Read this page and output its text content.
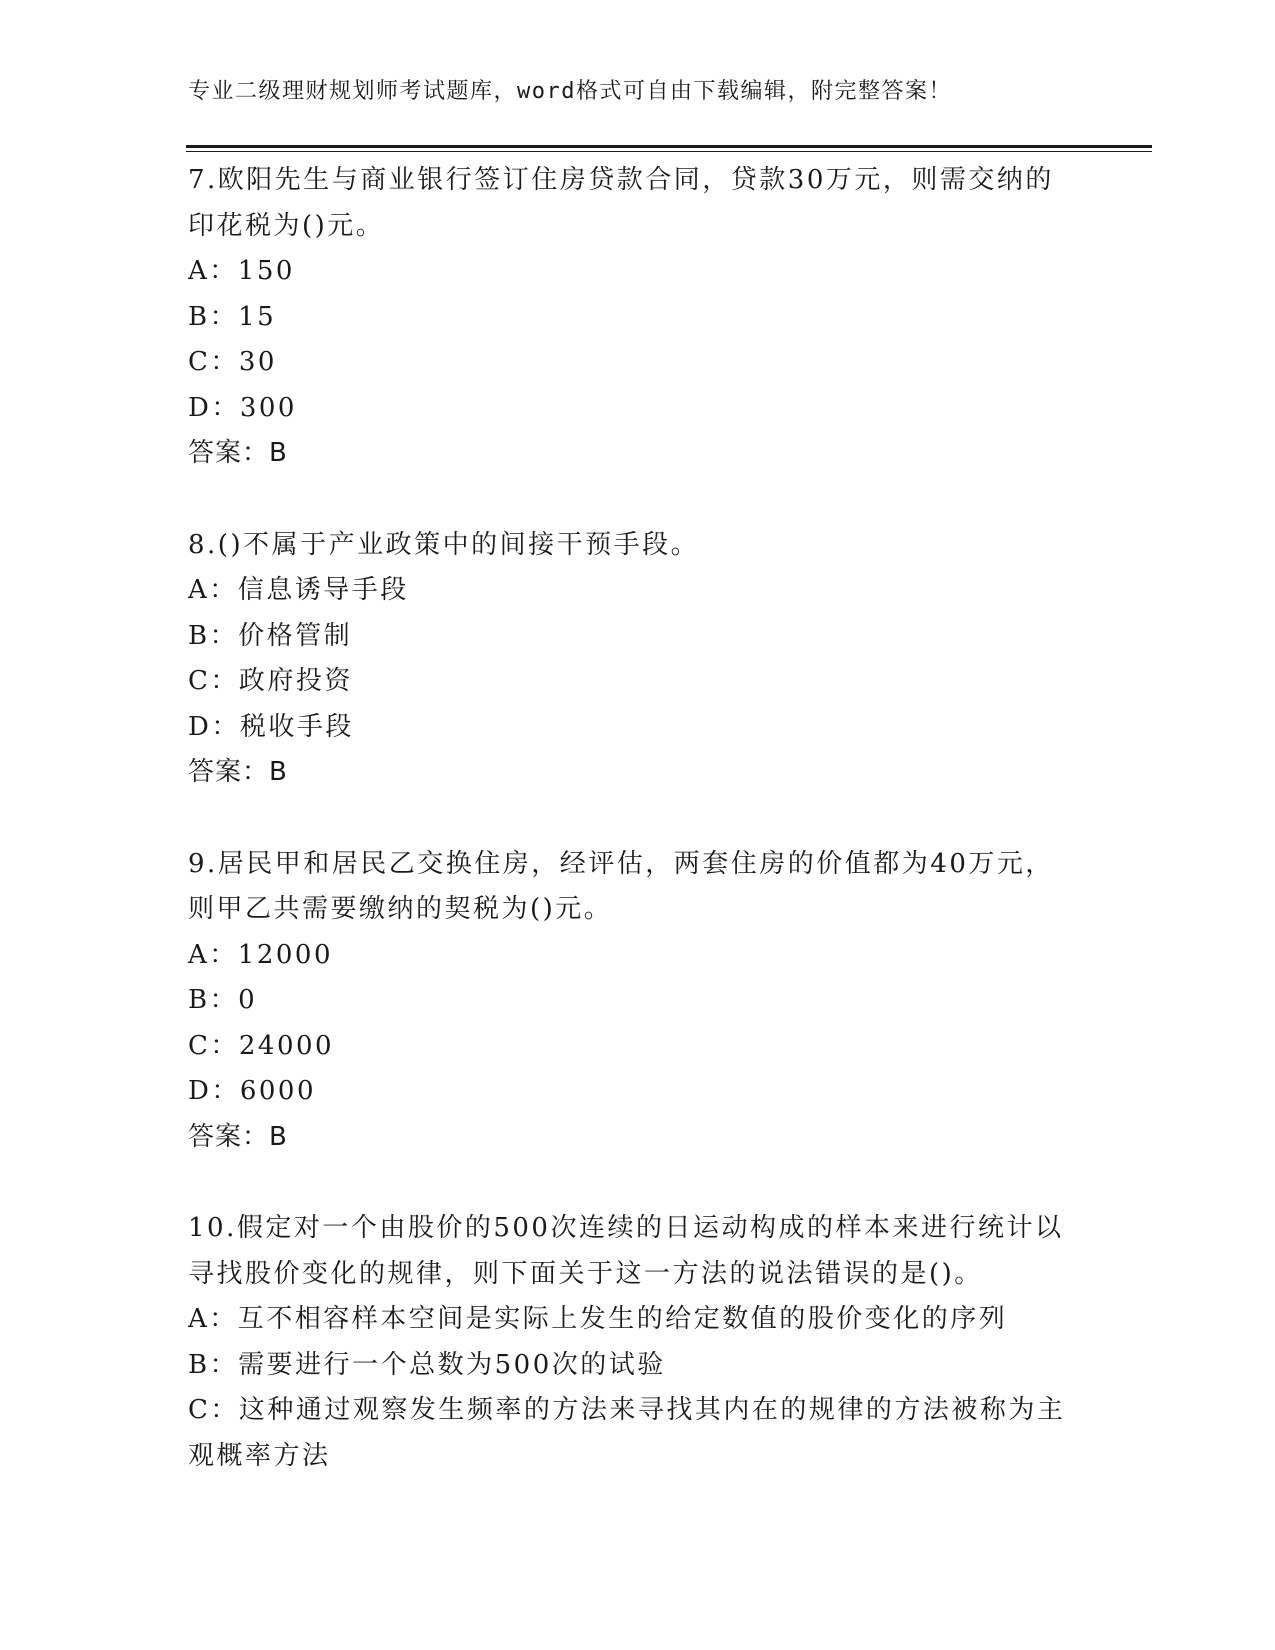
专业二级理财规划师考试题库，word格式可自由下载编辑，附完整答案！
7.欧阳先生与商业银行签订住房贷款合同，贷款30万元，则需交纳的
印花税为()元。
A：150
B：15
C：30
D：300
答案：B
8.()不属于产业政策中的间接干预手段。
A：信息诱导手段
B：价格管制
C：政府投资
D：税收手段
答案：B
9.居民甲和居民乙交换住房，经评估，两套住房的价值都为40万元，
则甲乙共需要缴纳的契税为()元。
A：12000
B：0
C：24000
D：6000
答案：B
10.假定对一个由股价的500次连续的日运动构成的样本来进行统计以
寻找股价变化的规律，则下面关于这一方法的说法错误的是()。
A：互不相容样本空间是实际上发生的给定数值的股价变化的序列
B：需要进行一个总数为500次的试验
C：这种通过观察发生频率的方法来寻找其内在的规律的方法被称为主
观概率方法
